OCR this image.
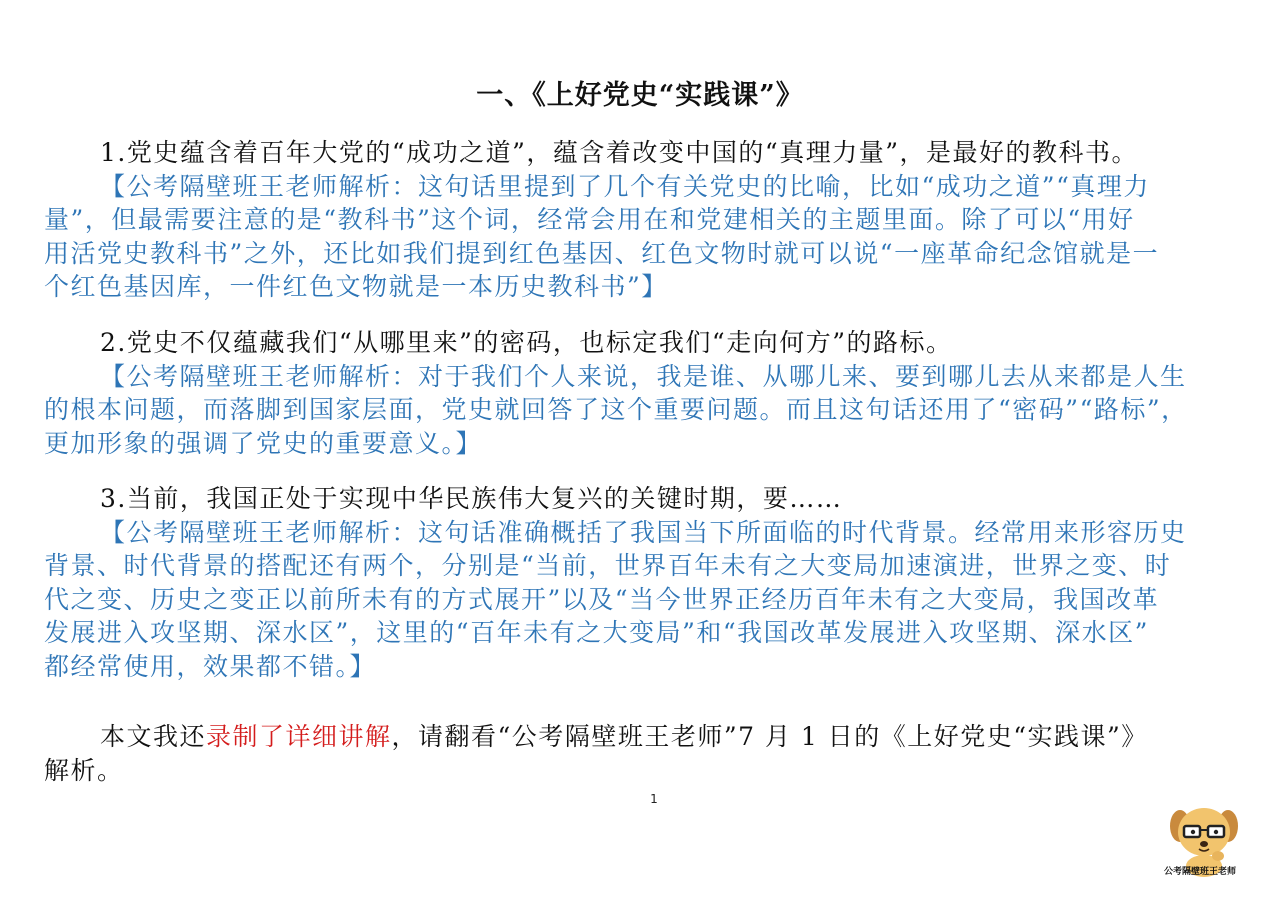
一、《上好党史“实践课”》
1.党史蕴含着百年大党的“成功之道”，蕴含着改变中国的“真理力量”，是最好的教科书。
【公考隔壁班王老师解析：这句话里提到了几个有关党史的比喻，比如“成功之道”“真理力
量”，但最需要注意的是“教科书”这个词，经常会用在和党建相关的主题里面。除了可以“用好
用活党史教科书”之外，还比如我们提到红色基因、红色文物时就可以说“一座革命纪念馆就是一
个红色基因库，一件红色文物就是一本历史教科书”】
2.党史不仅蕴藏我们“从哪里来”的密码，也标定我们“走向何方”的路标。
【公考隔壁班王老师解析：对于我们个人来说，我是谁、从哪儿来、要到哪儿去从来都是人生
的根本问题，而落脚到国家层面，党史就回答了这个重要问题。而且这句话还用了“密码”“路标”，
更加形象的强调了党史的重要意义。】
3.当前，我国正处于实现中华民族伟大复兴的关键时期，要……
【公考隔壁班王老师解析：这句话准确概括了我国当下所面临的时代背景。经常用来形容历史
背景、时代背景的搭配还有两个，分别是“当前，世界百年未有之大变局加速演进，世界之变、时
代之变、历史之变正以前所未有的方式展开”以及“当今世界正经历百年未有之大变局，我国改革
发展进入攻坚期、深水区”，这里的“百年未有之大变局”和“我国改革发展进入攻坚期、深水区”
都经常使用，效果都不错。】
本文我还录制了详细讲解，请翻看“公考隔壁班王老师”7 月 1 日的《上好党史“实践课”》
解析。
1
公考隔壁班王老师
